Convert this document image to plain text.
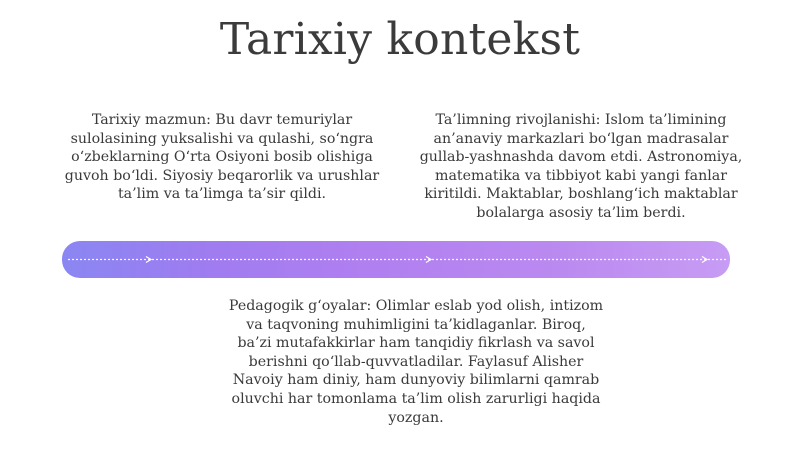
Tarixiy kontekst
Tarixiy mazmun: Bu davr temuriylar sulolasining yuksalishi va qulashi, so‘ngra o‘zbeklarning O‘rta Osiyoni bosib olishiga guvoh bo‘ldi. Siyosiy beqarorlik va urushlar ta’lim va ta’limga ta’sir qildi.
Ta’limning rivojlanishi: Islom ta’limining an’anaviy markazlari bo‘lgan madrasalar gullab-yashnashda davom etdi. Astronomiya, matematika va tibbiyot kabi yangi fanlar kiritildi. Maktablar, boshlang‘ich maktablar bolalarga asosiy ta’lim berdi.
Pedagogik g‘oyalar: Olimlar eslab yod olish, intizom va taqvoning muhimligini ta’kidlaganlar. Biroq, ba’zi mutafakkirlar ham tanqidiy fikrlash va savol berishni qo‘llab-quvvatladilar. Faylasuf Alisher Navoiy ham diniy, ham dunyoviy bilimlarni qamrab oluvchi har tomonlama ta’lim olish zarurligi haqida yozgan.
